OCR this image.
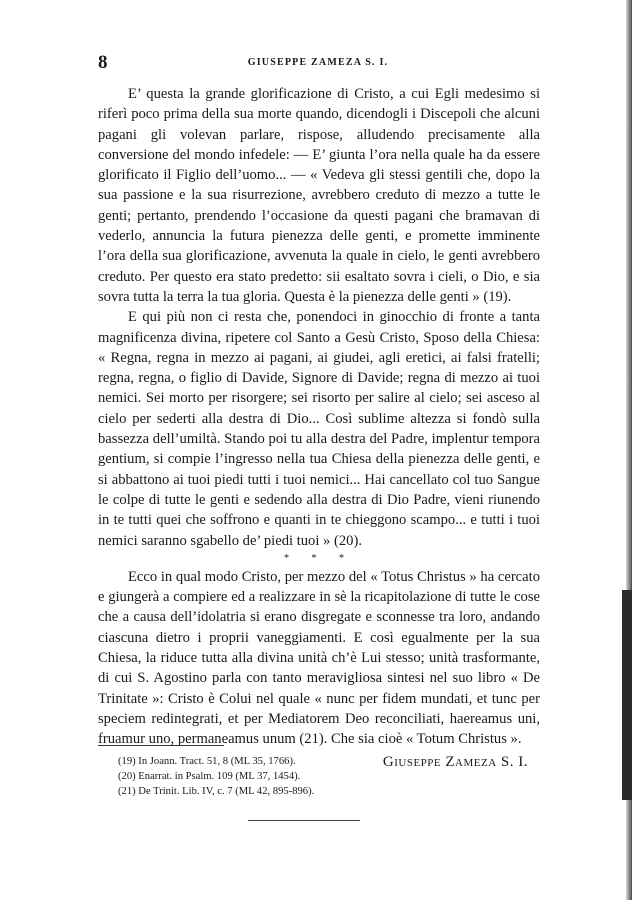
8	GIUSEPPE ZAMEZA S. I.

E’ questa la grande glorificazione di Cristo, a cui Egli medesimo si riferì poco prima della sua morte quando, dicendogli i Discepoli che alcuni pagani gli volevan parlare, rispose, alludendo precisamente alla conversione del mondo infedele: — E’ giunta l’ora nella quale ha da essere glorificato il Figlio dell’uomo... — « Vedeva gli stessi gentili che, dopo la sua passione e la sua risurrezione, avrebbero creduto di mezzo a tutte le genti; pertanto, prendendo l’occasione da questi pagani che bramavan di vederlo, annuncia la futura pienezza delle genti, e promette imminente l’ora della sua glorificazione, avvenuta la quale in cielo, le genti avrebbero creduto. Per questo era stato predetto: sii esaltato sovra i cieli, o Dio, e sia sovra tutta la terra la tua gloria. Questa è la pienezza delle genti » (19).

E qui più non ci resta che, ponendoci in ginocchio di fronte a tanta magnificenza divina, ripetere col Santo a Gesù Cristo, Sposo della Chiesa: « Regna, regna in mezzo ai pagani, ai giudei, agli eretici, ai falsi fratelli; regna, regna, o figlio di Davide, Signore di Davide; regna di mezzo ai tuoi nemici. Sei morto per risorgere; sei risorto per salire al cielo; sei asceso al cielo per sederti alla destra di Dio... Così sublime altezza si fondò sulla bassezza dell’umiltà. Stando poi tu alla destra del Padre, implentur tempora gentium, si compie l’ingresso nella tua Chiesa della pienezza delle genti, e si abbattono ai tuoi piedi tutti i tuoi nemici... Hai cancellato col tuo Sangue le colpe di tutte le genti e sedendo alla destra di Dio Padre, vieni riunendo in te tutti quei che soffrono e quanti in te chieggono scampo... e tutti i tuoi nemici saranno sgabello de’ piedi tuoi » (20).

* * *

Ecco in qual modo Cristo, per mezzo del « Totus Christus » ha cercato e giungerà a compiere ed a realizzare in sè la ricapitolazione di tutte le cose che a causa dell’idolatria si erano disgregate e sconnesse tra loro, andando ciascuna dietro i proprii vaneggiamenti. E così egualmente per la sua Chiesa, la riduce tutta alla divina unità ch’è Lui stesso; unità trasformante, di cui S. Agostino parla con tanto meravigliosa sintesi nel suo libro « De Trinitate »: Cristo è Colui nel quale « nunc per fidem mundati, et tunc per speciem redintegrati, et per Mediatorem Deo reconciliati, haereamus uni, fruamur uno, permaneamus unum (21). Che sia cioè « Totum Christus ».

Giuseppe Zameza S. I.
(19) In Joann. Tract. 51, 8 (ML 35, 1766).
(20) Enarrat. in Psalm. 109 (ML 37, 1454).
(21) De Trinit. Lib. IV, c. 7 (ML 42, 895-896).
